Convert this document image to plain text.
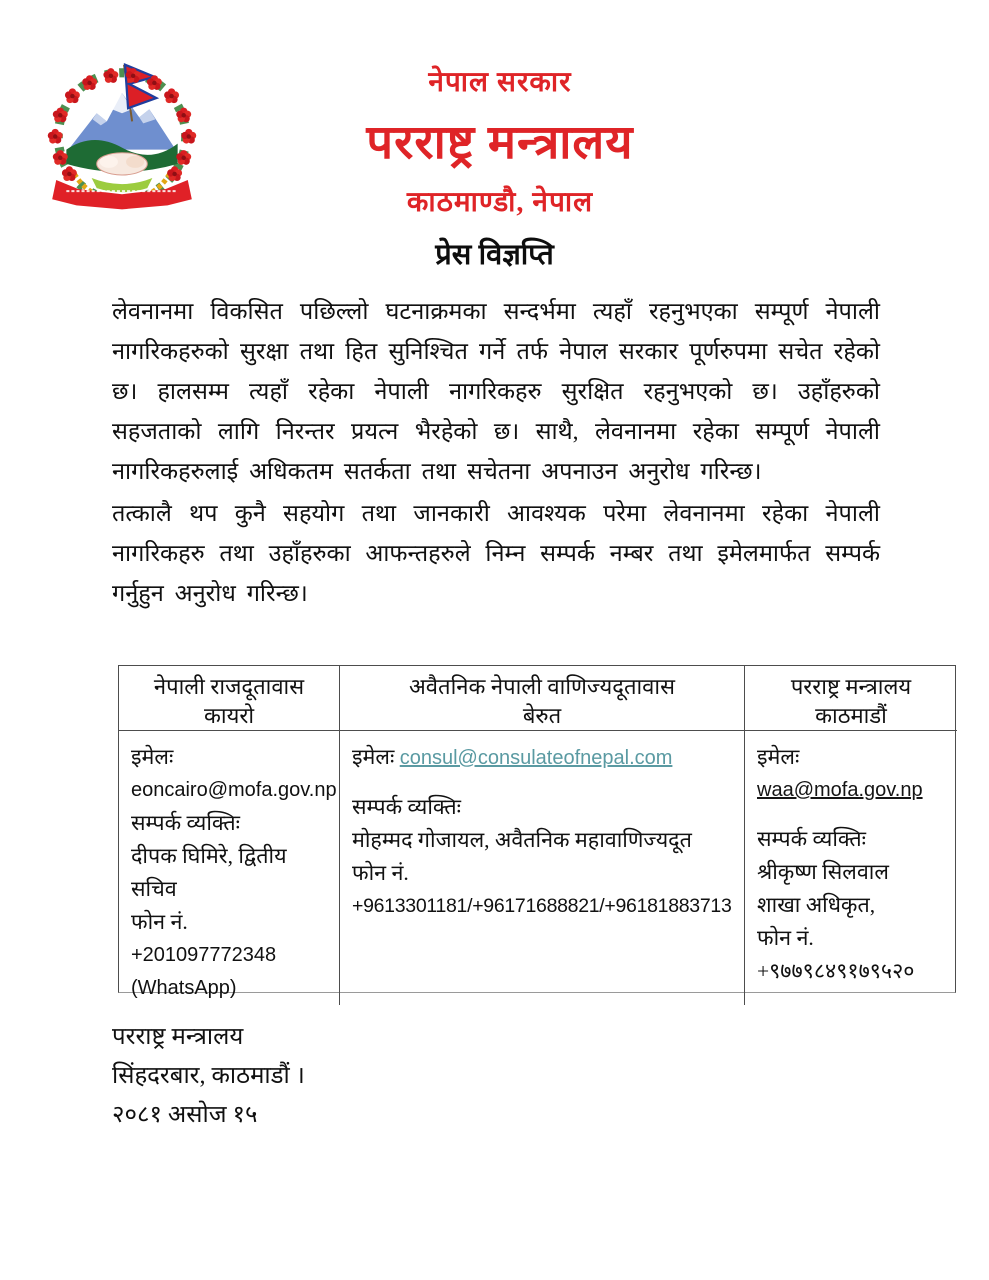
नेपाल सरकार
परराष्ट्र मन्त्रालय
काठमाण्डौ, नेपाल
प्रेस विज्ञप्ति
लेवनानमा विकसित पछिल्लो घटनाक्रमका सन्दर्भमा त्यहाँ रहनुभएका सम्पूर्ण नेपाली नागरिकहरुको सुरक्षा तथा हित सुनिश्चित गर्ने तर्फ नेपाल सरकार पूर्णरुपमा सचेत रहेको छ। हालसम्म त्यहाँ रहेका नेपाली नागरिकहरु सुरक्षित रहनुभएको छ। उहाँहरुको सहजताको लागि निरन्तर प्रयत्न भैरहेको छ। साथै, लेवनानमा रहेका सम्पूर्ण नेपाली नागरिकहरुलाई अधिकतम सतर्कता तथा सचेतना अपनाउन अनुरोध गरिन्छ।
तत्कालै थप कुनै सहयोग तथा जानकारी आवश्यक परेमा लेवनानमा रहेका नेपाली नागरिकहरु तथा उहाँहरुका आफन्तहरुले निम्न सम्पर्क नम्बर तथा इमेलमार्फत सम्पर्क गर्नुहुन अनुरोध गरिन्छ।
नेपाली राजदूतावास
कायरो
अवैतनिक नेपाली वाणिज्यदूतावास
बेरुत
परराष्ट्र मन्त्रालय
काठमाडौं
इमेलः
eoncairo@mofa.gov.np
सम्पर्क व्यक्तिः
दीपक घिमिरे, द्वितीय सचिव
फोन नं.
+201097772348
(WhatsApp)
इमेलः consul@consulateofnepal.com
सम्पर्क व्यक्तिः
मोहम्मद गोजायल, अवैतनिक महावाणिज्यदूत
फोन नं.
+9613301181/+96171688821/+96181883713
इमेलः
waa@mofa.gov.np
सम्पर्क व्यक्तिः
श्रीकृष्ण सिलवाल
शाखा अधिकृत,
फोन नं.
+९७७९८४९१७९५२०
परराष्ट्र मन्त्रालय
सिंहदरबार, काठमाडौं ।
२०८१ असोज १५
